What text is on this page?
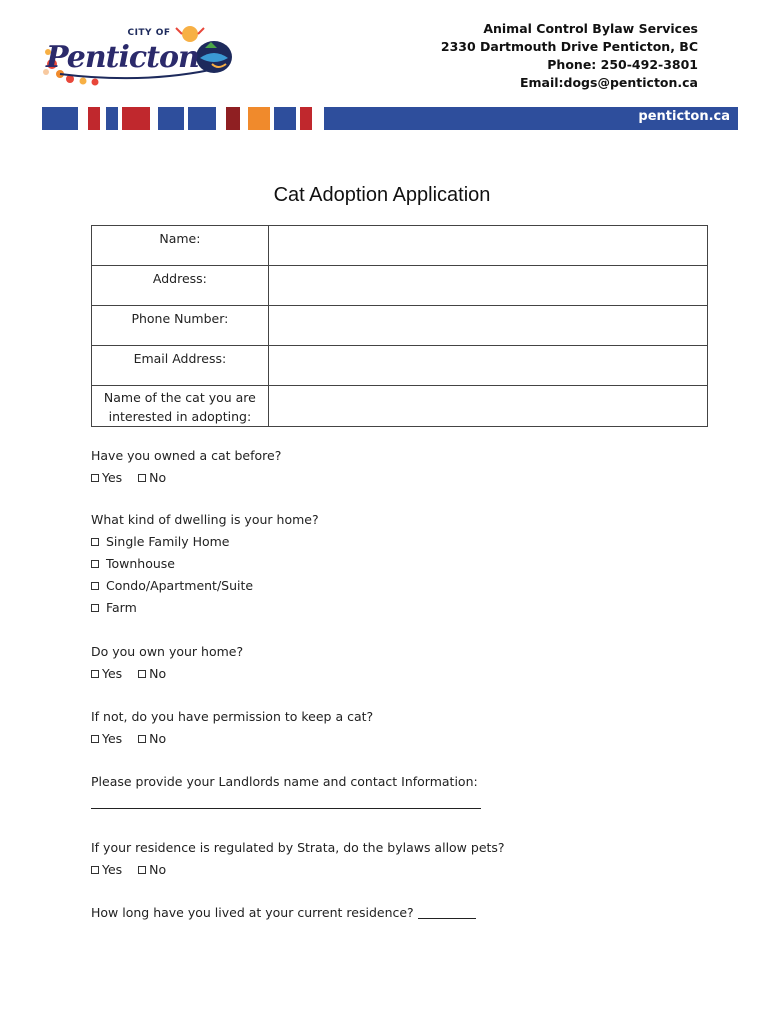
CITY OF
Penticton
Animal Control Bylaw Services
2330 Dartmouth Drive Penticton, BC
Phone: 250-492-3801
Email:dogs@penticton.ca
penticton.ca
Cat Adoption Application
Name:	
Address:	
Phone Number:	
Email Address:	
Name of the cat you are
interested in adopting:	
Have you owned a cat before?
Yes No
What kind of dwelling is your home?
Single Family Home
Townhouse
Condo/Apartment/Suite
Farm
Do you own your home?
Yes No
If not, do you have permission to keep a cat?
Yes No
Please provide your Landlords name and contact Information:
If your residence is regulated by Strata, do the bylaws allow pets?
Yes No
How long have you lived at your current residence?
